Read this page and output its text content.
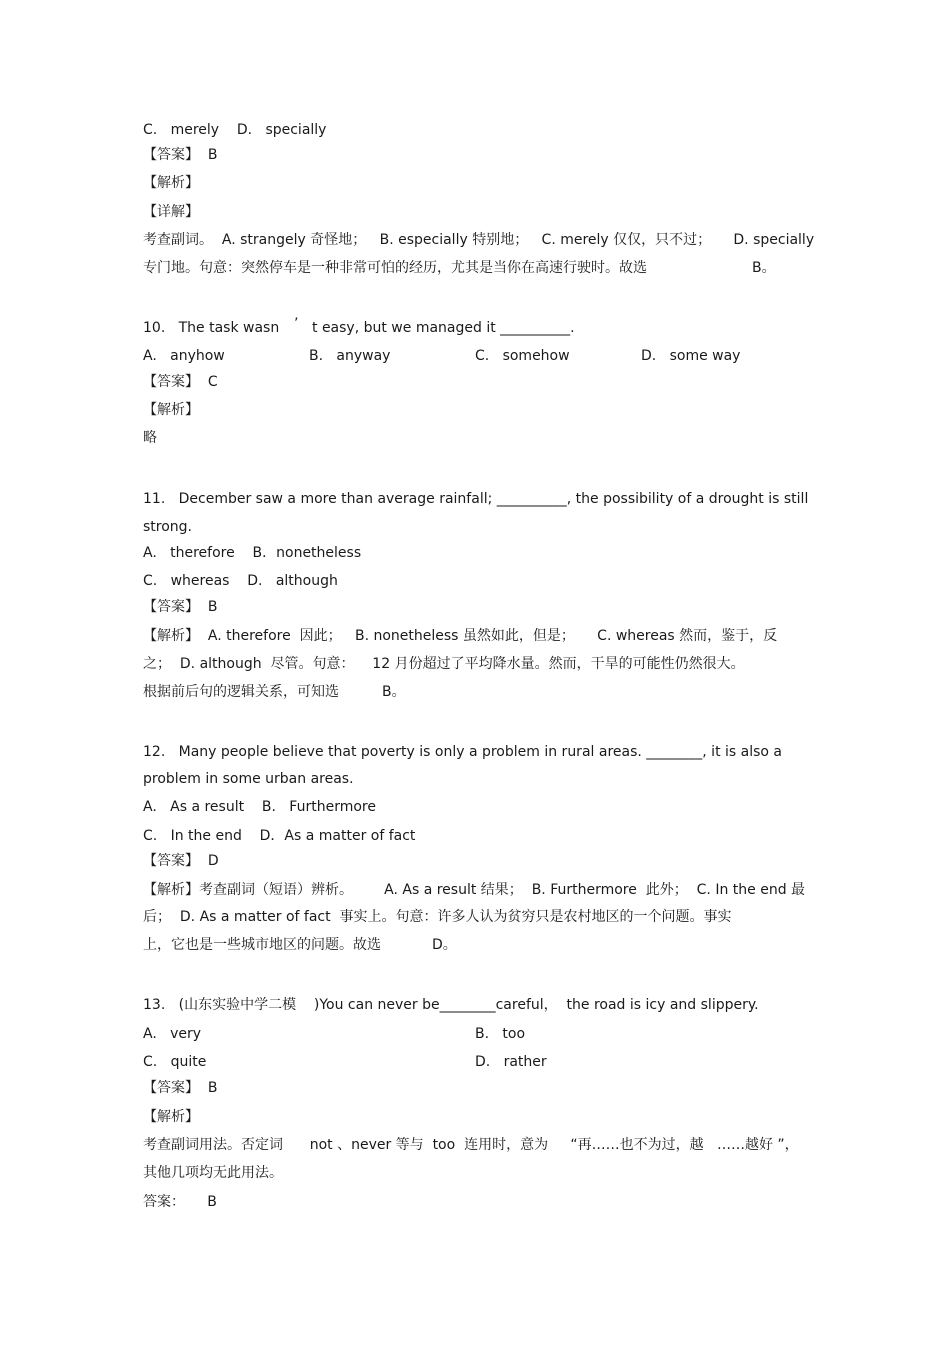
C.   merely    D.   specially
【答案】  B
【解析】
【详解】
考查副词。  A. strangely 奇怪地；   B. especially 特别地；   C. merely 仅仅，只不过；     D. specially
专门地。句意：突然停车是一种非常可怕的经历，尤其是当你在高速行驶时。故选	B。
10.   The task wasn ’ t easy, but we managed it __________.
A.   anyhow	B.   anyway	C.   somehow	D.   some way
【答案】  C
【解析】
略
11.   December saw a more than average rainfall; __________, the possibility of a drought is still
strong.
A.   therefore    B．nonetheless
C.   whereas    D.   although
【答案】  B
【解析】  A. therefore  因此；   B. nonetheless 虽然如此，但是；     C. whereas 然而，鉴于，反
之；  D. although  尽管。句意：    12 月份超过了平均降水量。然而，干旱的可能性仍然很大。
根据前后句的逻辑关系，可知选	B。
12.   Many people believe that poverty is only a problem in rural areas. ________, it is also a
problem in some urban areas.
A.   As a result    B.   Furthermore
C.   In the end    D．As a matter of fact
【答案】  D
【解析】考查副词（短语）辨析。       A. As a result 结果；  B. Furthermore  此外；  C. In the end 最
后；  D. As a matter of fact  事实上。句意：许多人认为贫穷只是农村地区的一个问题。事实
上，它也是一些城市地区的问题。故选	D。
13.   (山东实验中学二模    )You can never be________careful，  the road is icy and slippery.
A.   very	B.   too
C.   quite	D.   rather
【答案】  B
【解析】
考查副词用法。否定词      not 、never 等与  too  连用时，意为     “再……也不为过，越   ……越好 ”，
其他几项均无此用法。
答案：     B
